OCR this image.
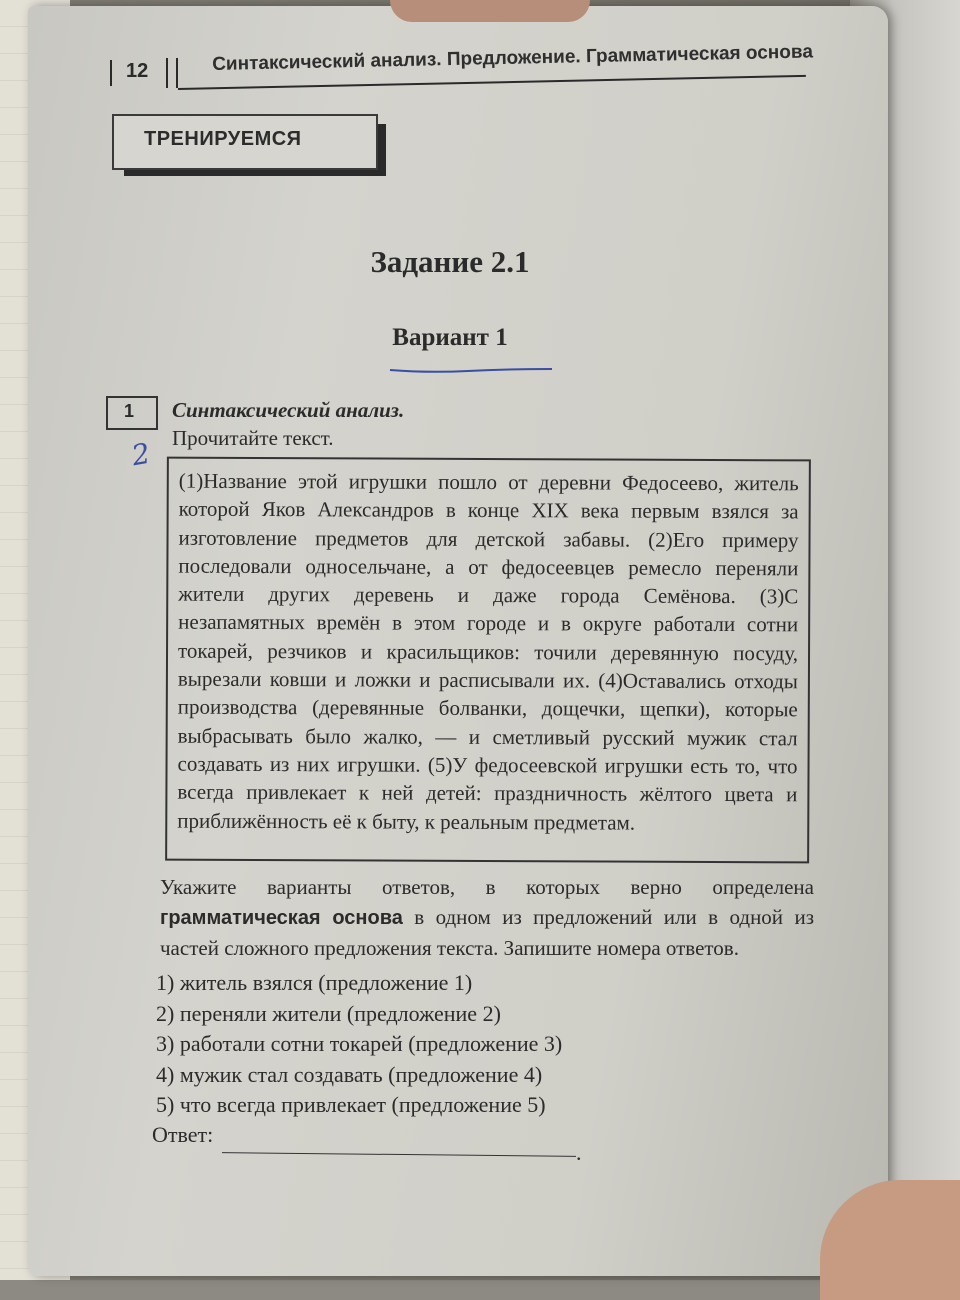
12	Синтаксический анализ. Предложение. Грамматическая основа
ТРЕНИРУЕМСЯ
Задание 2.1
Вариант 1
1
2
Синтаксический анализ.
Прочитайте текст.

(1)Название этой игрушки пошло от деревни Федосеево, житель которой Яков Александров в конце XIX века первым взялся за изготовление предметов для детской забавы. (2)Его примеру последовали односельчане, а от федосеевцев ремесло переняли жители других деревень и даже города Семёнова. (3)С незапамятных времён в этом городе и в округе работали сотни токарей, резчиков и красильщиков: точили деревянную посуду, вырезали ковши и ложки и расписывали их. (4)Оставались отходы производства (деревянные болванки, дощечки, щепки), которые выбрасывать было жалко, — и сметливый русский мужик стал создавать из них игрушки. (5)У федосеевской игрушки есть то, что всегда привлекает к ней детей: праздничность жёлтого цвета и приближённость её к быту, к реальным предметам.

Укажите варианты ответов, в которых верно определена грамматическая основа в одном из предложений или в одной из частей сложного предложения текста. Запишите номера ответов.
1) житель взялся (предложение 1)
2) переняли жители (предложение 2)
3) работали сотни токарей (предложение 3)
4) мужик стал создавать (предложение 4)
5) что всегда привлекает (предложение 5)
Ответ:
.
